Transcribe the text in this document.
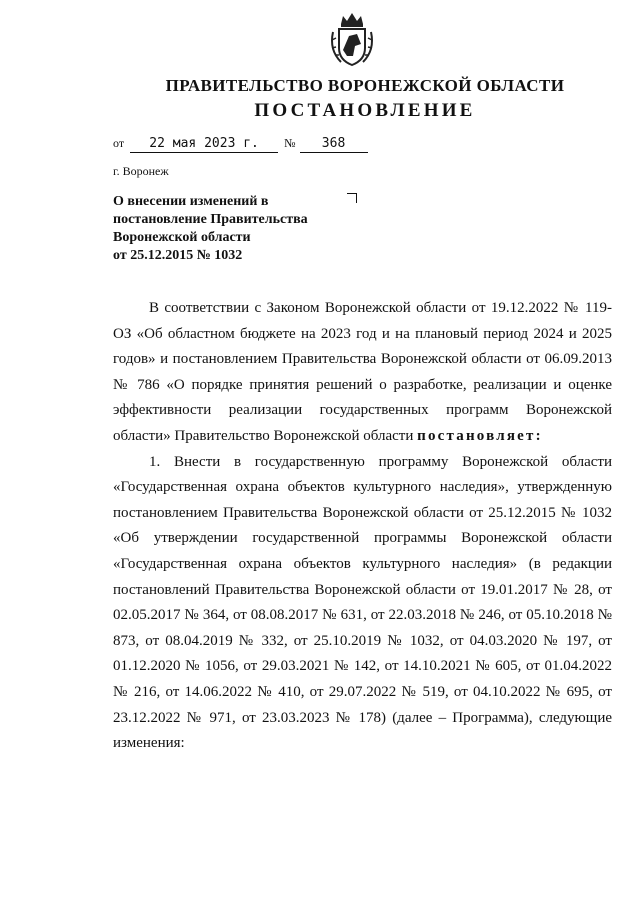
ПРАВИТЕЛЬСТВО ВОРОНЕЖСКОЙ ОБЛАСТИ
ПОСТАНОВЛЕНИЕ
от 22 мая 2023 г. № 368
г. Воронеж
О внесении изменений в
постановление Правительства
Воронежской области
от 25.12.2015 № 1032

В соответствии с Законом Воронежской области от 19.12.2022 № 119-ОЗ «Об областном бюджете на 2023 год и на плановый период 2024 и 2025 годов» и постановлением Правительства Воронежской области от 06.09.2013 № 786 «О порядке принятия решений о разработке, реализации и оценке эффективности реализации государственных программ Воронежской области» Правительство Воронежской области постановляет:

1. Внести в государственную программу Воронежской области «Государственная охрана объектов культурного наследия», утвержденную постановлением Правительства Воронежской области от 25.12.2015 № 1032 «Об утверждении государственной программы Воронежской области «Государственная охрана объектов культурного наследия» (в редакции постановлений Правительства Воронежской области от 19.01.2017 № 28, от 02.05.2017 № 364, от 08.08.2017 № 631, от 22.03.2018 № 246, от 05.10.2018 № 873, от 08.04.2019 № 332, от 25.10.2019 № 1032, от 04.03.2020 № 197, от 01.12.2020 № 1056, от 29.03.2021 № 142, от 14.10.2021 № 605, от 01.04.2022 № 216, от 14.06.2022 № 410, от 29.07.2022 № 519, от 04.10.2022 № 695, от 23.12.2022 № 971, от 23.03.2023 № 178) (далее – Программа), следующие изменения:
